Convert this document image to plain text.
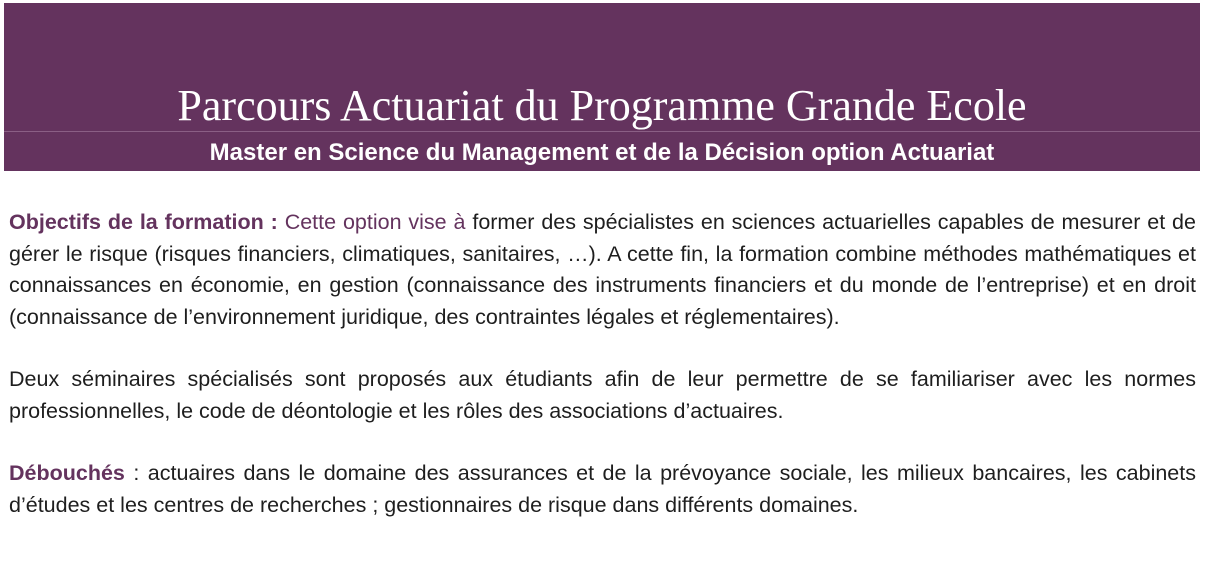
Parcours Actuariat du Programme Grande Ecole
Master en Science du Management et de la Décision option Actuariat

Objectifs de la formation : Cette option vise à former des spécialistes en sciences actuarielles capables de mesurer et de gérer le risque (risques financiers, climatiques, sanitaires, …). A cette fin, la formation combine méthodes mathématiques et connaissances en économie, en gestion (connaissance des instruments financiers et du monde de l’entreprise) et en droit (connaissance de l’environnement juridique, des contraintes légales et réglementaires).

Deux séminaires spécialisés sont proposés aux étudiants afin de leur permettre de se familiariser avec les normes professionnelles, le code de déontologie et les rôles des associations d’actuaires.

Débouchés : actuaires dans le domaine des assurances et de la prévoyance sociale, les milieux bancaires, les cabinets d’études et les centres de recherches ; gestionnaires de risque dans différents domaines.
